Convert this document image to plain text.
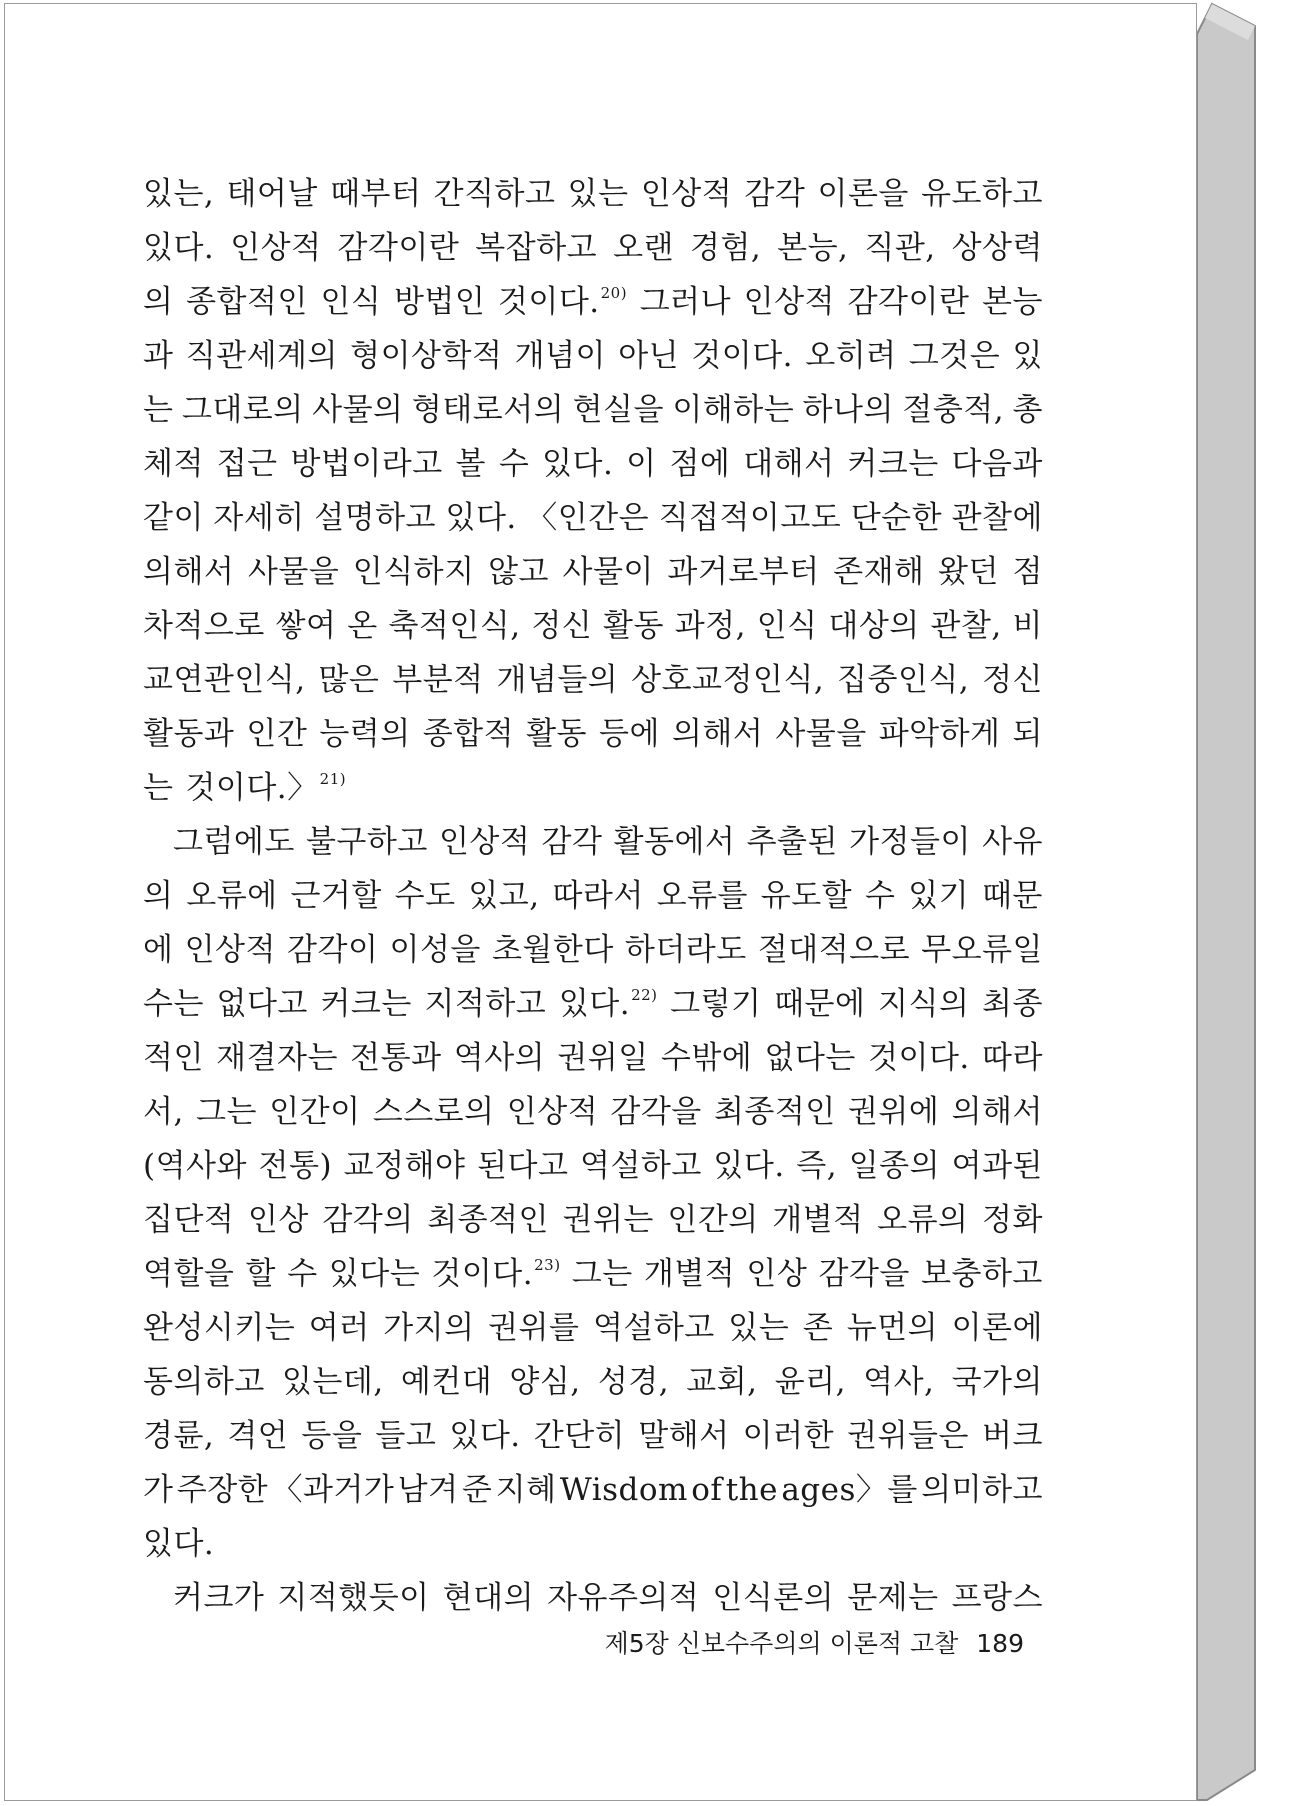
있는, 태어날 때부터 간직하고 있는 인상적 감각 이론을 유도하고
있다. 인상적 감각이란 복잡하고 오랜 경험, 본능, 직관, 상상력
의 종합적인 인식 방법인 것이다.$^{20)}$ 그러나 인상적 감각이란 본능
과 직관세계의 형이상학적 개념이 아닌 것이다. 오히려 그것은 있
는 그대로의 사물의 형태로서의 현실을 이해하는 하나의 절충적, 총
체적 접근 방법이라고 볼 수 있다. 이 점에 대해서 커크는 다음과
같이 자세히 설명하고 있다. 〈인간은 직접적이고도 단순한 관찰에
의해서 사물을 인식하지 않고 사물이 과거로부터 존재해 왔던 점
차적으로 쌓여 온 축적인식, 정신 활동 과정, 인식 대상의 관찰, 비
교연관인식, 많은 부분적 개념들의 상호교정인식, 집중인식, 정신
활동과 인간 능력의 종합적 활동 등에 의해서 사물을 파악하게 되
는 것이다.〉$^{21)}$
그럼에도 불구하고 인상적 감각 활동에서 추출된 가정들이 사유
의 오류에 근거할 수도 있고, 따라서 오류를 유도할 수 있기 때문
에 인상적 감각이 이성을 초월한다 하더라도 절대적으로 무오류일
수는 없다고 커크는 지적하고 있다.$^{22)}$ 그렇기 때문에 지식의 최종
적인 재결자는 전통과 역사의 권위일 수밖에 없다는 것이다. 따라
서, 그는 인간이 스스로의 인상적 감각을 최종적인 권위에 의해서
(역사와 전통) 교정해야 된다고 역설하고 있다. 즉, 일종의 여과된
집단적 인상 감각의 최종적인 권위는 인간의 개별적 오류의 정화
역할을 할 수 있다는 것이다.$^{23)}$ 그는 개별적 인상 감각을 보충하고
완성시키는 여러 가지의 권위를 역설하고 있는 존 뉴먼의 이론에
동의하고 있는데, 예컨대 양심, 성경, 교회, 윤리, 역사, 국가의
경륜, 격언 등을 들고 있다. 간단히 말해서 이러한 권위들은 버크
가 주장한 〈과거가 남겨 준 지혜 Wisdom of the ages〉를 의미하고
있다.
커크가 지적했듯이 현대의 자유주의적 인식론의 문제는 프랑스
제5장 신보수주의의 이론적 고찰 189
